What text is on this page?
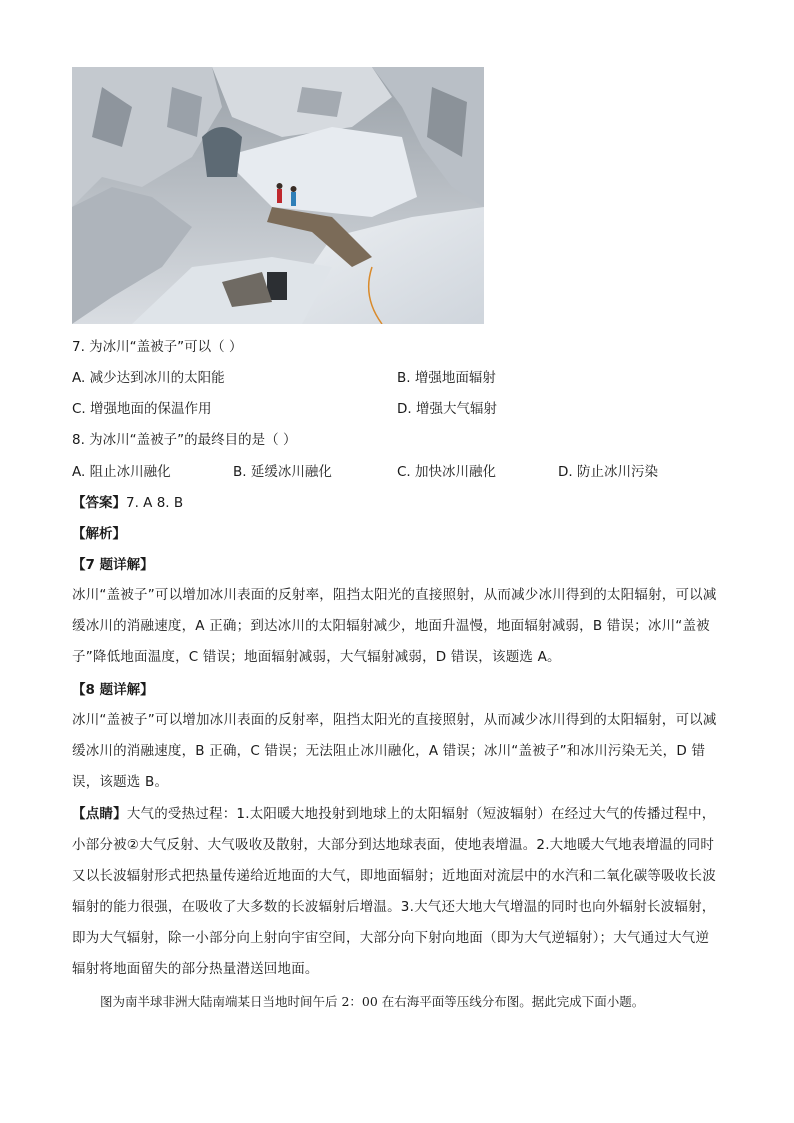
7. 为冰川“盖被子”可以（ ）
A. 减少达到冰川的太阳能	B. 增强地面辐射
C. 增强地面的保温作用	D. 增强大气辐射
8. 为冰川“盖被子”的最终目的是（ ）
A. 阻止冰川融化	B. 延缓冰川融化	C. 加快冰川融化	D. 防止冰川污染
【答案】7. A 8. B
【解析】
【7 题详解】
冰川“盖被子”可以增加冰川表面的反射率，阻挡太阳光的直接照射，从而减少冰川得到的太阳辐射，可以减缓冰川的消融速度，A 正确；到达冰川的太阳辐射减少，地面升温慢，地面辐射减弱，B 错误；冰川“盖被子”降低地面温度，C 错误；地面辐射减弱，大气辐射减弱，D 错误，该题选 A。
【8 题详解】
冰川“盖被子”可以增加冰川表面的反射率，阻挡太阳光的直接照射，从而减少冰川得到的太阳辐射，可以减缓冰川的消融速度，B 正确，C 错误；无法阻止冰川融化，A 错误；冰川“盖被子”和冰川污染无关，D 错误，该题选 B。
【点睛】大气的受热过程：1.太阳暖大地投射到地球上的太阳辐射（短波辐射）在经过大气的传播过程中，小部分被②大气反射、大气吸收及散射，大部分到达地球表面，使地表增温。2.大地暖大气地表增温的同时又以长波辐射形式把热量传递给近地面的大气，即地面辐射；近地面对流层中的水汽和二氧化碳等吸收长波辐射的能力很强，在吸收了大多数的长波辐射后增温。3.大气还大地大气增温的同时也向外辐射长波辐射，即为大气辐射，除一小部分向上射向宇宙空间，大部分向下射向地面（即为大气逆辐射）；大气通过大气逆辐射将地面留失的部分热量潜送回地面。
图为南半球非洲大陆南端某日当地时间午后 2：00 在右海平面等压线分布图。据此完成下面小题。
